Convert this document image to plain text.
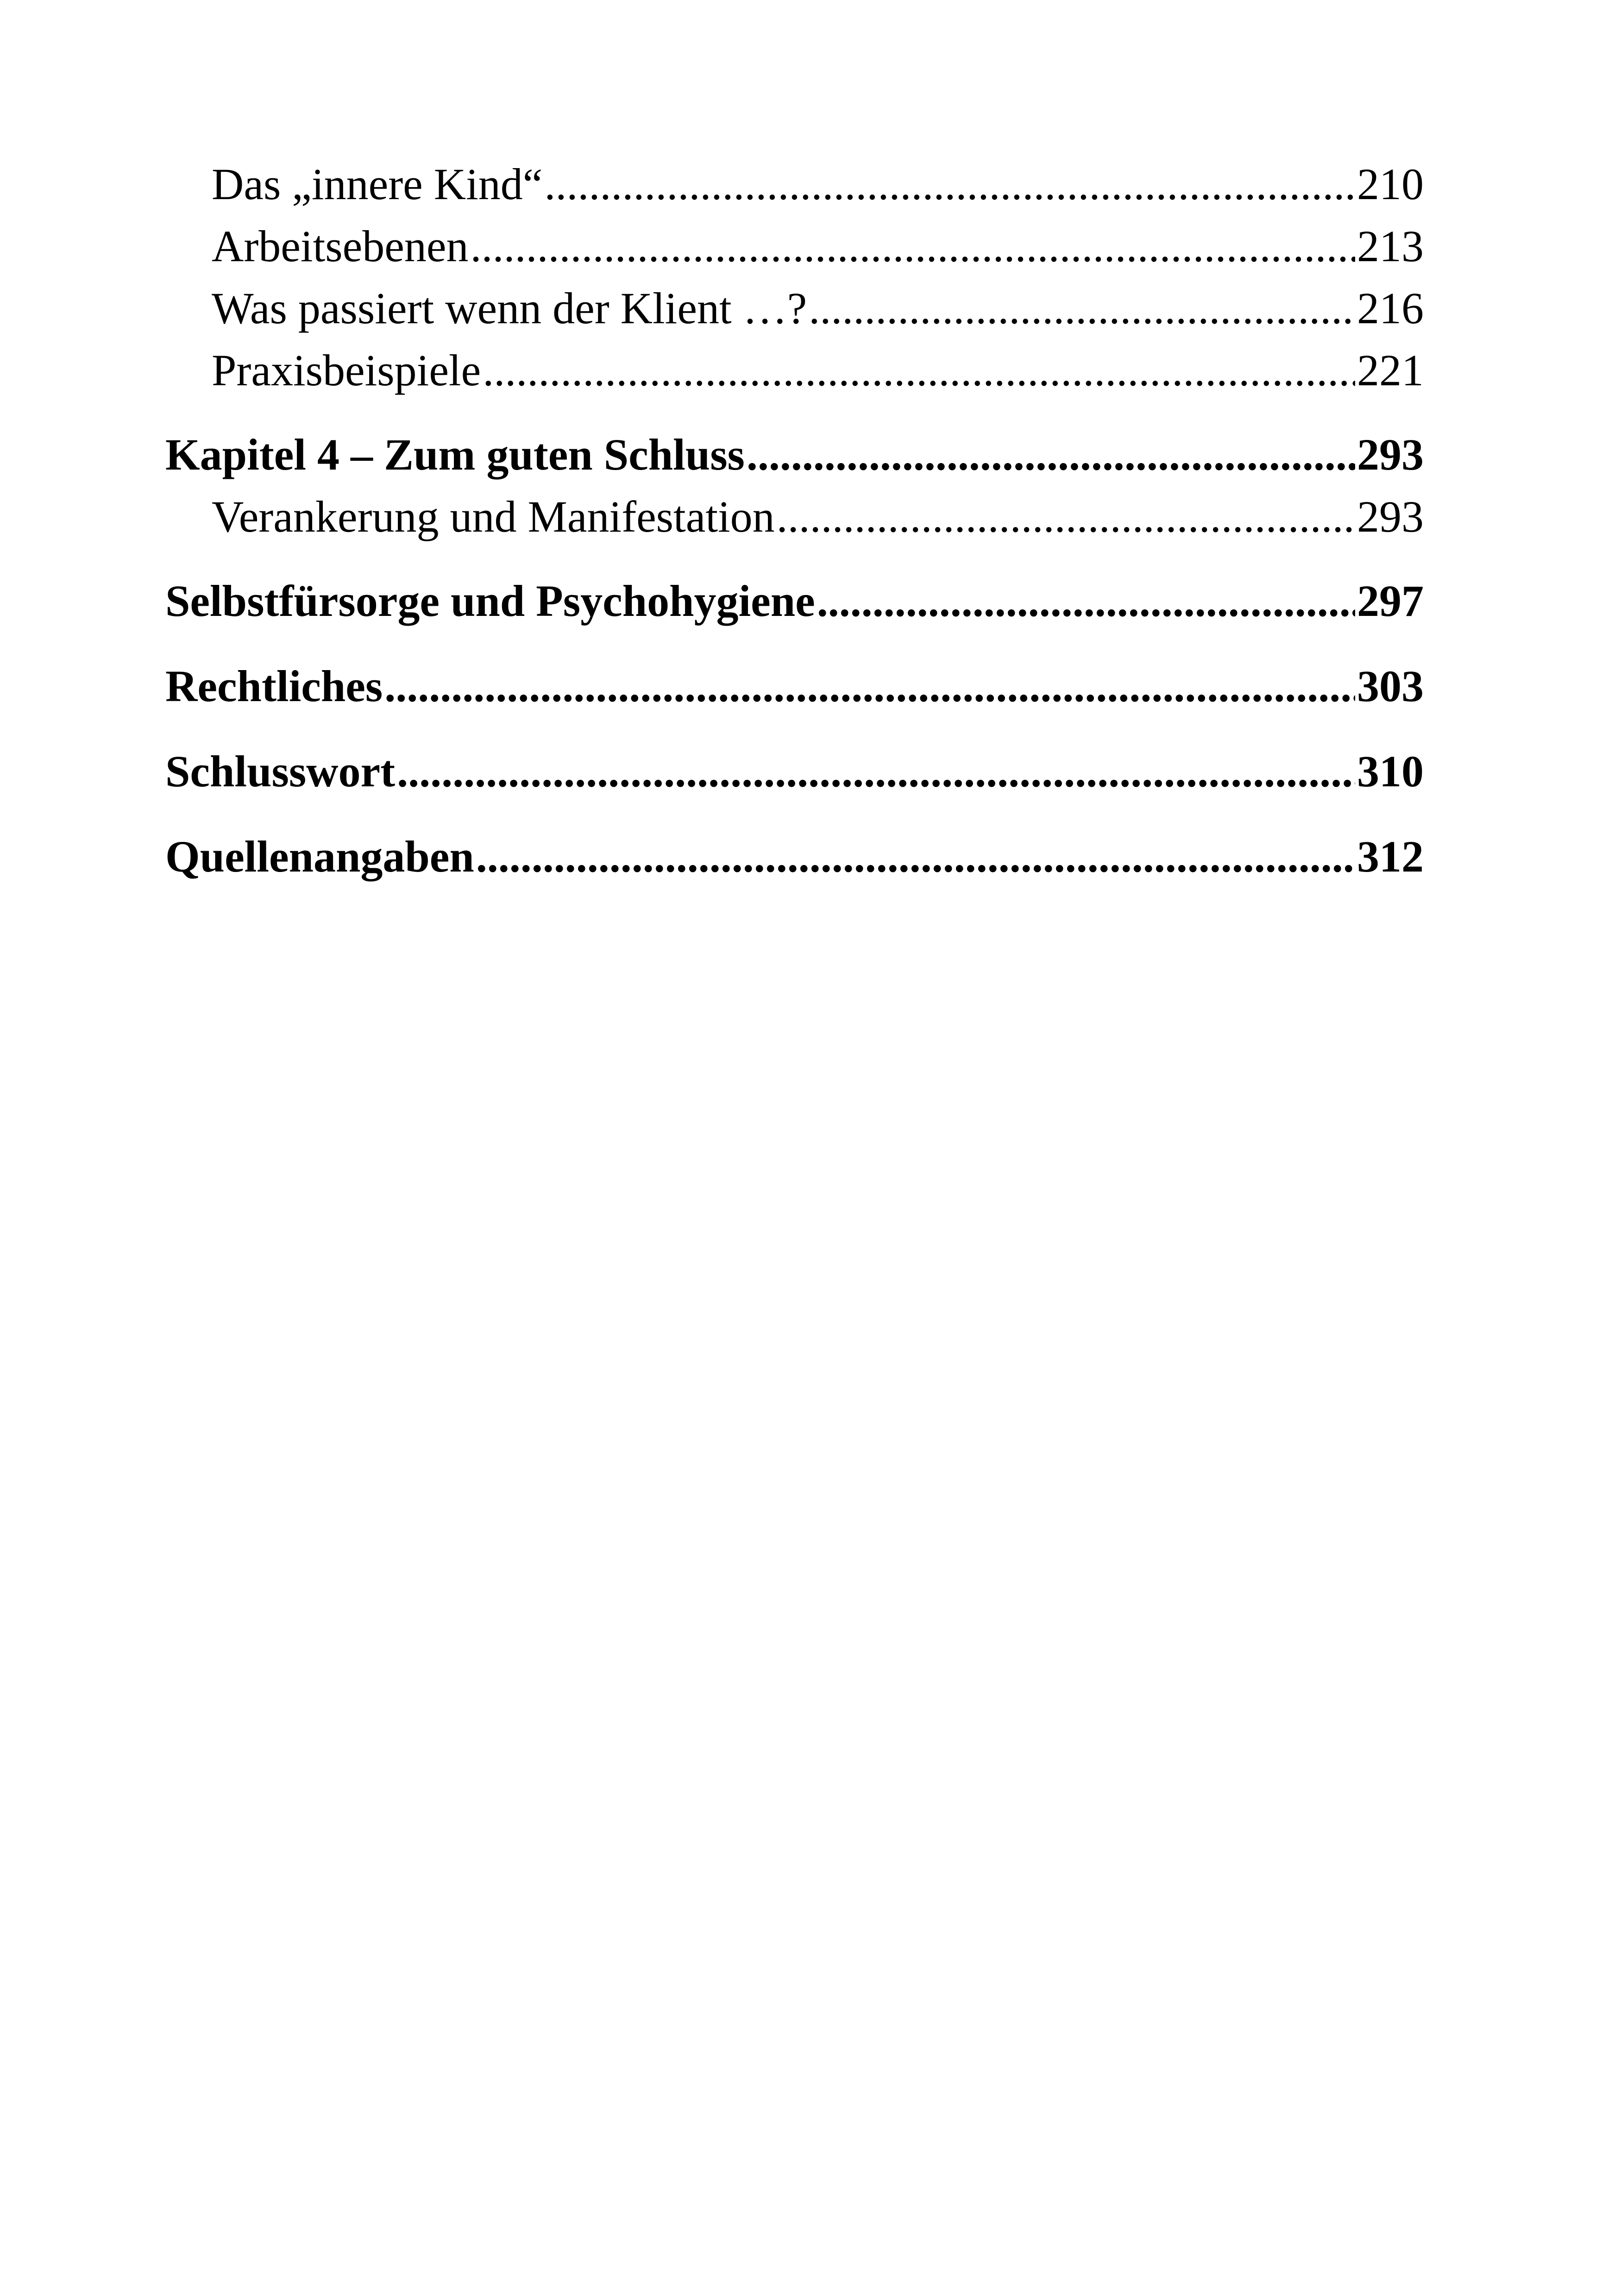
Das „innere Kind“ .....	210
Arbeitsebenen .....	213
Was passiert wenn der Klient …? .....	216
Praxisbeispiele .....	221
Kapitel 4 – Zum guten Schluss .....	293
Verankerung und Manifestation .....	293
Selbstfürsorge und Psychohygiene .....	297
Rechtliches .....	303
Schlusswort .....	310
Quellenangaben .....	312
